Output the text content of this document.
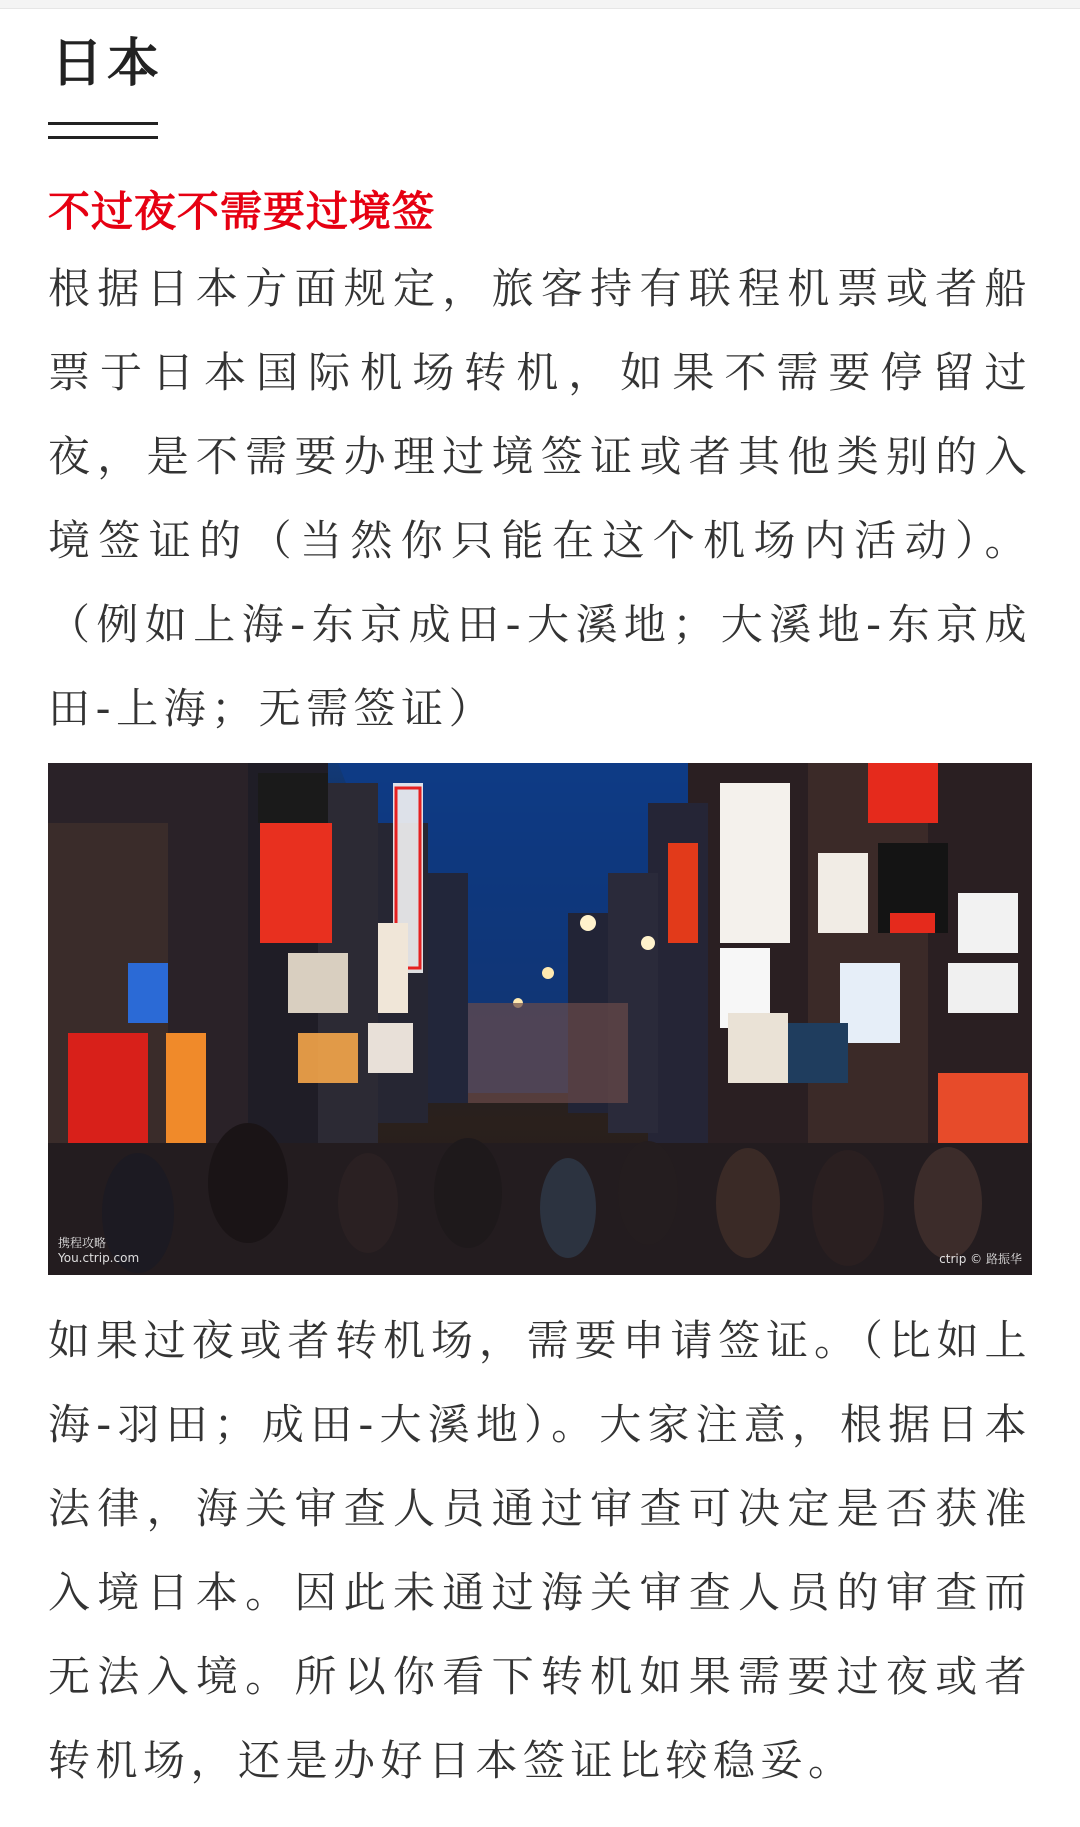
日本
不过夜不需要过境签

根据日本方面规定，旅客持有联程机票或者船票于日本国际机场转机，如果不需要停留过夜，是不需要办理过境签证或者其他类别的入境签证的（当然你只能在这个机场内活动）。（例如上海-东京成田-大溪地；大溪地-东京成田-上海；无需签证）

携程攻略
You.ctrip.com	ctrip © 路振华

如果过夜或者转机场，需要申请签证。（比如上海-羽田；成田-大溪地）。大家注意，根据日本法律，海关审查人员通过审查可决定是否获准入境日本。因此未通过海关审查人员的审查而无法入境。所以你看下转机如果需要过夜或者转机场，还是办好日本签证比较稳妥。
